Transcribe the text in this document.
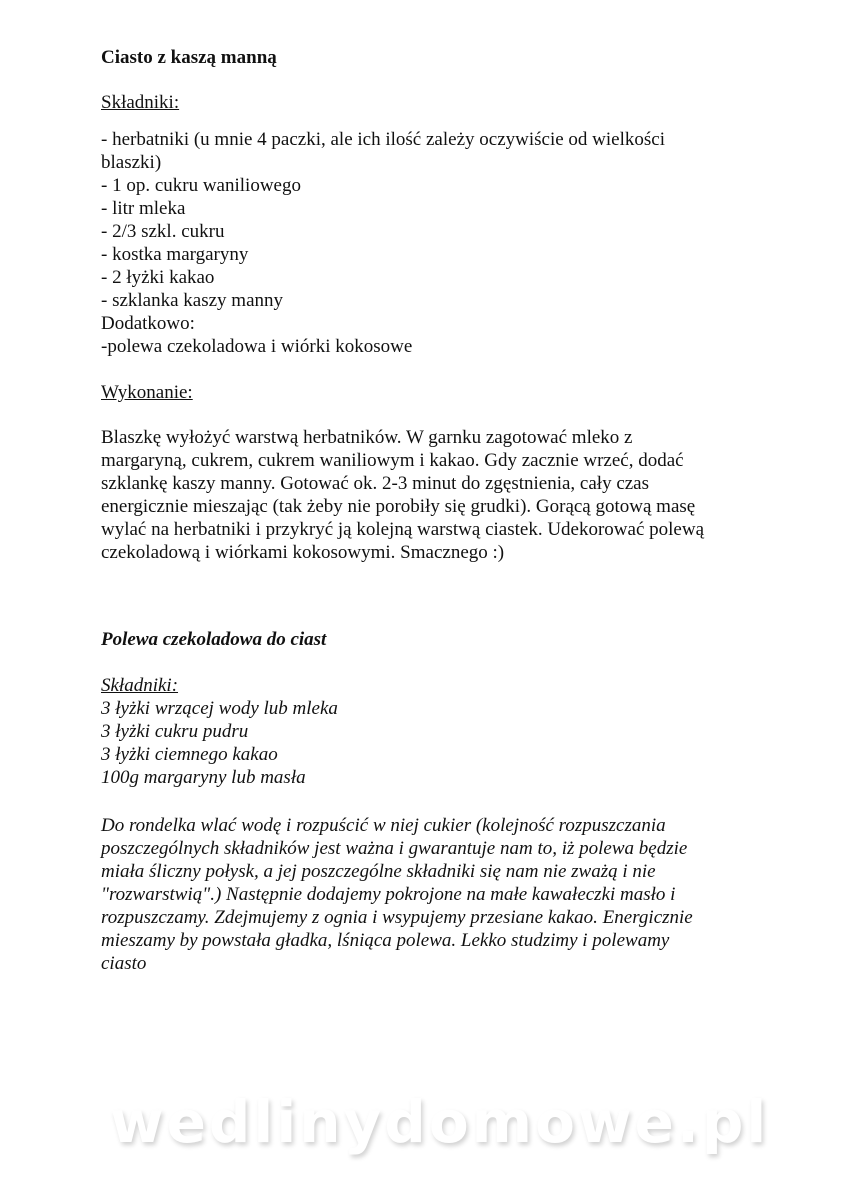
Ciasto z kaszą manną
Składniki:
- herbatniki (u mnie 4 paczki, ale ich ilość zależy oczywiście od wielkości
blaszki)
- 1 op. cukru waniliowego
- litr mleka
- 2/3 szkl. cukru
- kostka margaryny
- 2 łyżki kakao
- szklanka kaszy manny
Dodatkowo:
-polewa czekoladowa i wiórki kokosowe
Wykonanie:
Blaszkę wyłożyć warstwą herbatników. W garnku zagotować mleko z
margaryną, cukrem, cukrem waniliowym i kakao. Gdy zacznie wrzeć, dodać
szklankę kaszy manny. Gotować ok. 2-3 minut do zgęstnienia, cały czas
energicznie mieszając (tak żeby nie porobiły się grudki). Gorącą gotową masę
wylać na herbatniki i przykryć ją kolejną warstwą ciastek. Udekorować polewą
czekoladową i wiórkami kokosowymi. Smacznego :)
Polewa czekoladowa do ciast
Składniki:
3 łyżki wrzącej wody lub mleka
3 łyżki cukru pudru
3 łyżki ciemnego kakao
100g margaryny lub masła
Do rondelka wlać wodę i rozpuścić w niej cukier (kolejność rozpuszczania
poszczególnych składników jest ważna i gwarantuje nam to, iż polewa będzie
miała śliczny połysk, a jej poszczególne składniki się nam nie zważą i nie
"rozwarstwią".) Następnie dodajemy pokrojone na małe kawałeczki masło i
rozpuszczamy. Zdejmujemy z ognia i wsypujemy przesiane kakao. Energicznie
mieszamy by powstała gładka, lśniąca polewa. Lekko studzimy i polewamy
ciasto
wedlinydomowe.pl
